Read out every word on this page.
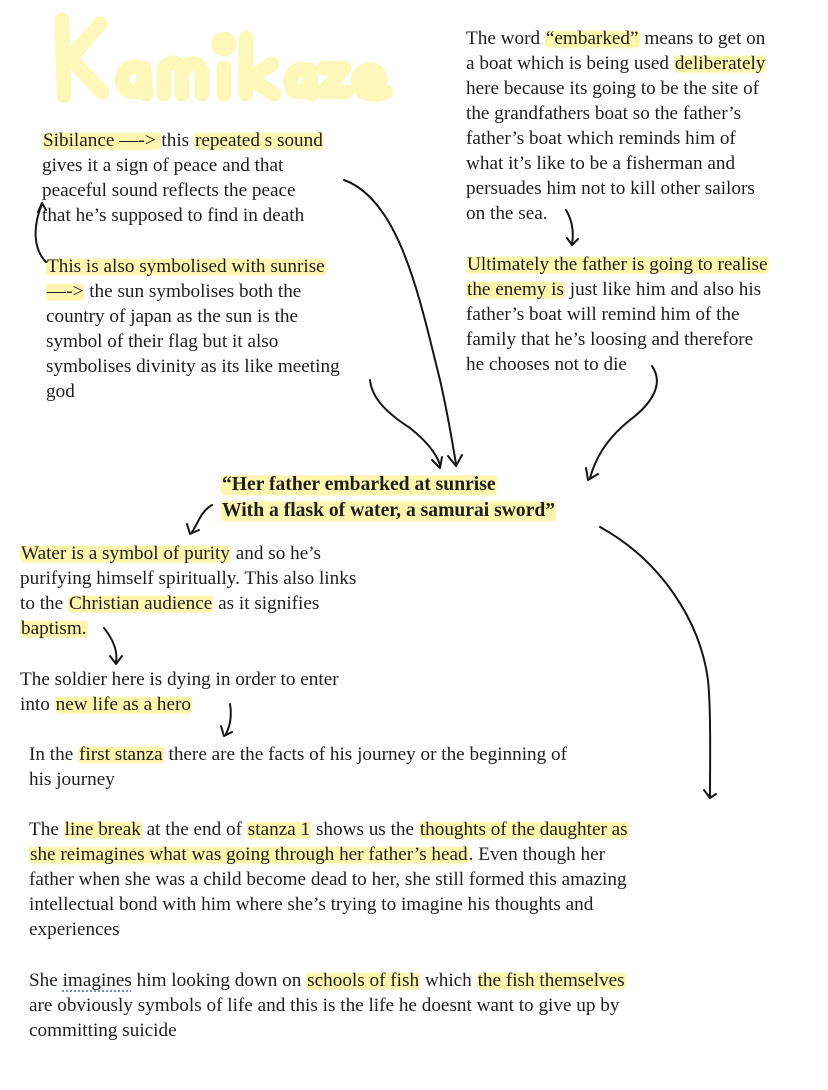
Sibilance —-> this repeated s sound
gives it a sign of peace and that
peaceful sound reflects the peace
that he’s supposed to find in death
This is also symbolised with sunrise
—-> the sun symbolises both the
country of japan as the sun is the
symbol of their flag but it also
symbolises divinity as its like meeting
god
The word “embarked” means to get on
a boat which is being used deliberately
here because its going to be the site of
the grandfathers boat so the father’s
father’s boat which reminds him of
what it’s like to be a fisherman and
persuades him not to kill other sailors
on the sea.
Ultimately the father is going to realise
the enemy is just like him and also his
father’s boat will remind him of the
family that he’s loosing and therefore
he chooses not to die
“Her father embarked at sunrise
With a flask of water, a samurai sword”
Water is a symbol of purity and so he’s
purifying himself spiritually. This also links
to the Christian audience as it signifies
baptism.
The soldier here is dying in order to enter
into new life as a hero
In the first stanza there are the facts of his journey or the beginning of
his journey
The line break at the end of stanza 1 shows us the thoughts of the daughter as
she reimagines what was going through her father’s head. Even though her
father when she was a child become dead to her, she still formed this amazing
intellectual bond with him where she’s trying to imagine his thoughts and
experiences
She imagines him looking down on schools of fish which the fish themselves
are obviously symbols of life and this is the life he doesnt want to give up by
committing suicide
